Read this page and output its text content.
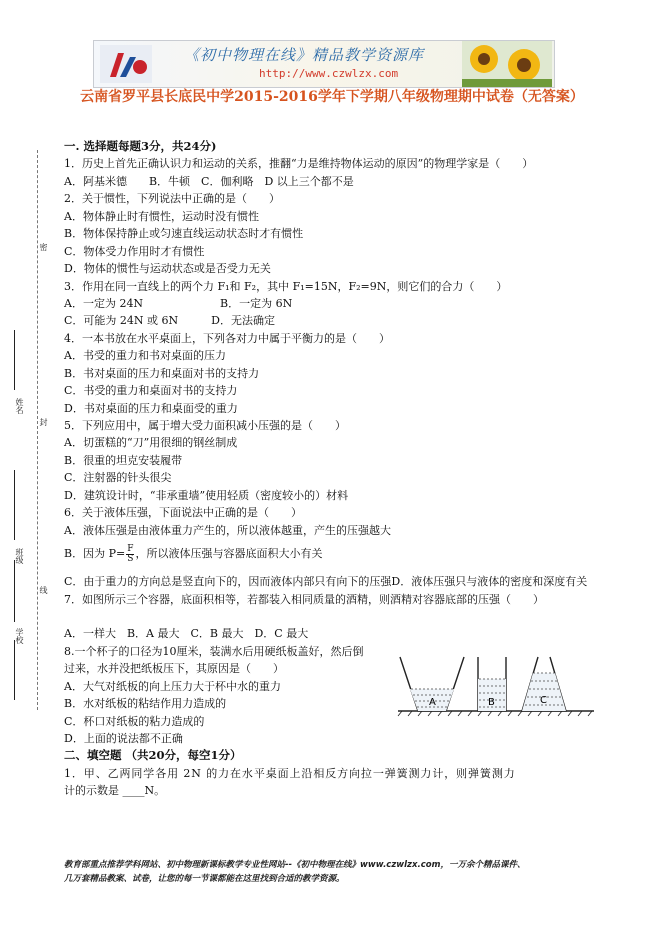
《初中物理在线》精品教学资源库
http://www.czwlzx.com
云南省罗平县长底民中学2015-2016学年下学期八年级物理期中试卷（无答案）
姓名
班级
学校
密
封
线
一. 选择题每题3分，共24分)
1．历史上首先正确认识力和运动的关系，推翻“力是维持物体运动的原因”的物理学家是（　　）
A．阿基米德　　B．牛顿　C．伽利略　D 以上三个都不是
2．关于惯性，下列说法中正确的是（　　）
A．物体静止时有惯性，运动时没有惯性
B．物体保持静止或匀速直线运动状态时才有惯性
C．物体受力作用时才有惯性
D．物体的惯性与运动状态或是否受力无关
3．作用在同一直线上的两个力 F₁和 F₂，其中 F₁=15N，F₂=9N，则它们的合力（　　）
A．一定为 24N　　　　　　　B．一定为 6N
C．可能为 24N 或 6N　　　D．无法确定
4．一本书放在水平桌面上，下列各对力中属于平衡力的是（　　）
A．书受的重力和书对桌面的压力
B．书对桌面的压力和桌面对书的支持力
C．书受的重力和桌面对书的支持力
D．书对桌面的压力和桌面受的重力
5．下列应用中，属于增大受力面积减小压强的是（　　）
A．切蛋糕的“刀”用很细的钢丝制成
B．很重的坦克安装履带
C．注射器的针头很尖
D．建筑设计时，“非承重墙”使用轻质（密度较小的）材料
6．关于液体压强，下面说法中正确的是（　　）
A．液体压强是由液体重力产生的，所以液体越重，产生的压强越大
B．因为 $P= \frac{F}{S}$ ，所以液体压强与容器底面积大小有关
C．由于重力的方向总是竖直向下的，因而液体内部只有向下的压强D．液体压强只与液体的密度和深度有关
7．如图所示三个容器，底面积相等，若都装入相同质量的酒精，则酒精对容器底部的压强（　　）
A．一样大　B．A 最大　C．B 最大　D．C 最大
8.一个杯子的口径为10厘米，装满水后用硬纸板盖好，然后倒
过来，水并没把纸板压下，其原因是（　　）
A．大气对纸板的向上压力大于杯中水的重力
B．水对纸板的粘结作用力造成的
C．杯口对纸板的粘力造成的
D．上面的说法都不正确
二、填空题 （共20分，每空1分）
1．甲、乙两同学各用 2N 的力在水平桌面上沿相反方向拉一弹簧测力计，则弹簧测力
计的示数是 ____N。
A	B	C
教育部重点推荐学科网站、初中物理新课标教学专业性网站--《初中物理在线》www.czwlzx.com，一万余个精品课件、
几万套精品教案、试卷，让您的每一节课都能在这里找到合适的教学资源。
